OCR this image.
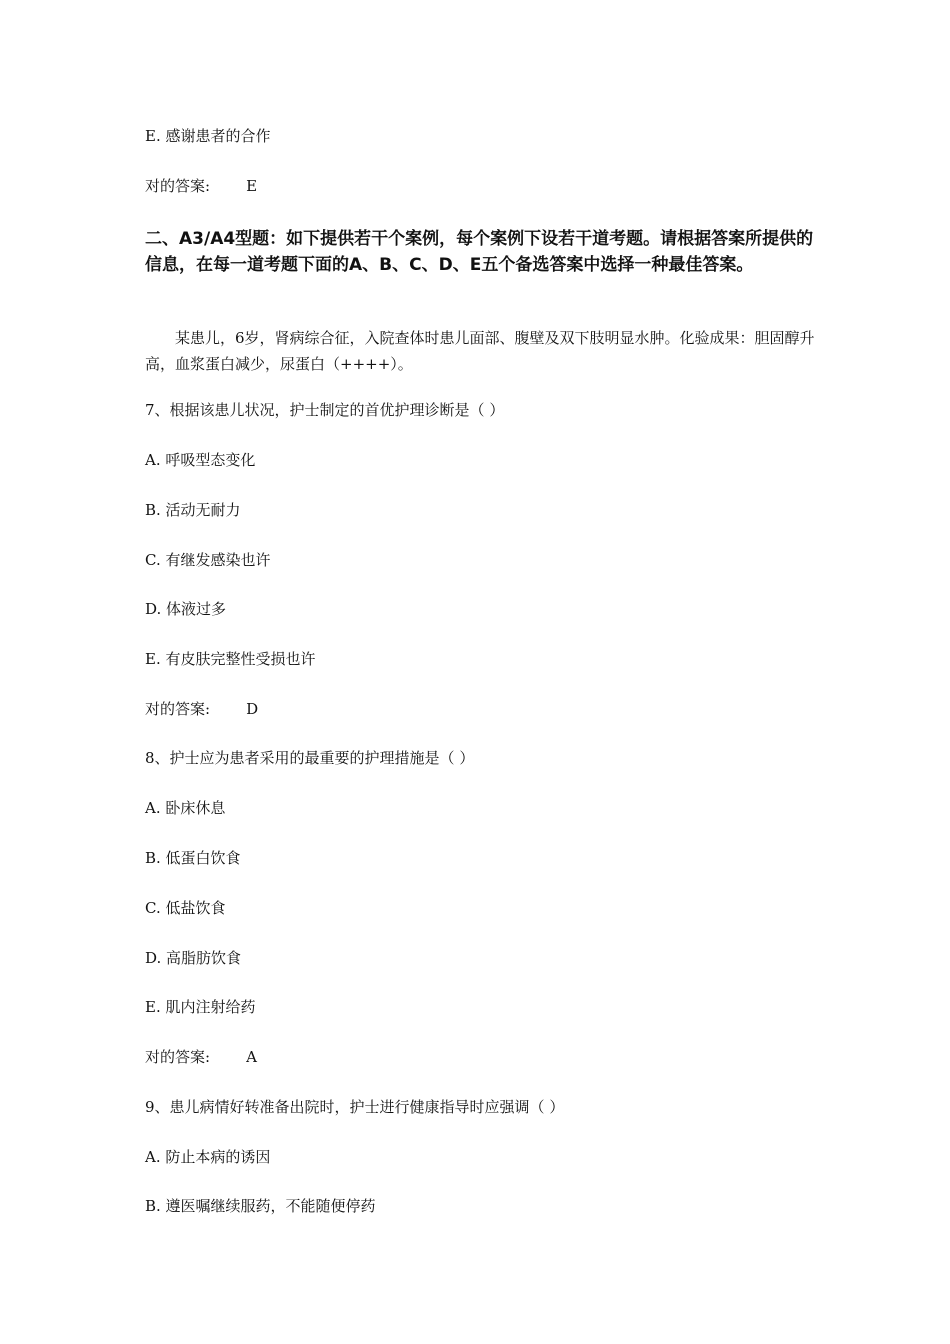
E. 感谢患者的合作
对的答案: E
二、A3/A4型题：如下提供若干个案例，每个案例下设若干道考题。请根据答案所提供的信息，在每一道考题下面的A、B、C、D、E五个备选答案中选择一种最佳答案。
某患儿，6岁，肾病综合征，入院查体时患儿面部、腹壁及双下肢明显水肿。化验成果：胆固醇升高，血浆蛋白减少，尿蛋白（++++）。
7、根据该患儿状况，护士制定的首优护理诊断是（ ）
A. 呼吸型态变化
B. 活动无耐力
C. 有继发感染也许
D. 体液过多
E. 有皮肤完整性受损也许
对的答案: D
8、护士应为患者采用的最重要的护理措施是（ ）
A. 卧床休息
B. 低蛋白饮食
C. 低盐饮食
D. 高脂肪饮食
E. 肌内注射给药
对的答案: A
9、患儿病情好转准备出院时，护士进行健康指导时应强调（ ）
A. 防止本病的诱因
B. 遵医嘱继续服药，不能随便停药
